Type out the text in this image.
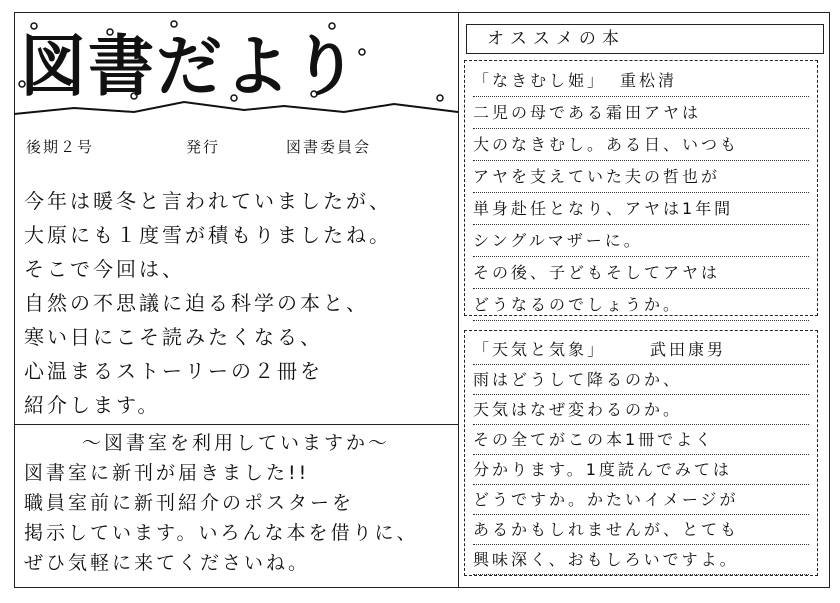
図書だより
後期２号	発行	図書委員会
今年は暖冬と言われていましたが、
大原にも１度雪が積もりましたね。
そこで今回は、
自然の不思議に迫る科学の本と、
寒い日にこそ読みたくなる、
心温まるストーリーの２冊を
紹介します。
〜図書室を利用していますか〜
図書室に新刊が届きました!!
職員室前に新刊紹介のポスターを
掲示しています。いろんな本を借りに、
ぜひ気軽に来てくださいね。
オススメの本
「なきむし姫」 重松清
二児の母である霜田アヤは
大のなきむし。ある日、いつも
アヤを支えていた夫の哲也が
単身赴任となり、アヤは1年間
シングルマザーに。
その後、子どもそしてアヤは
どうなるのでしょうか。
「天気と気象」	武田康男
雨はどうして降るのか、
天気はなぜ変わるのか。
その全てがこの本1冊でよく
分かります。1度読んでみては
どうですか。かたいイメージが
あるかもしれませんが、とても
興味深く、おもしろいですよ。
